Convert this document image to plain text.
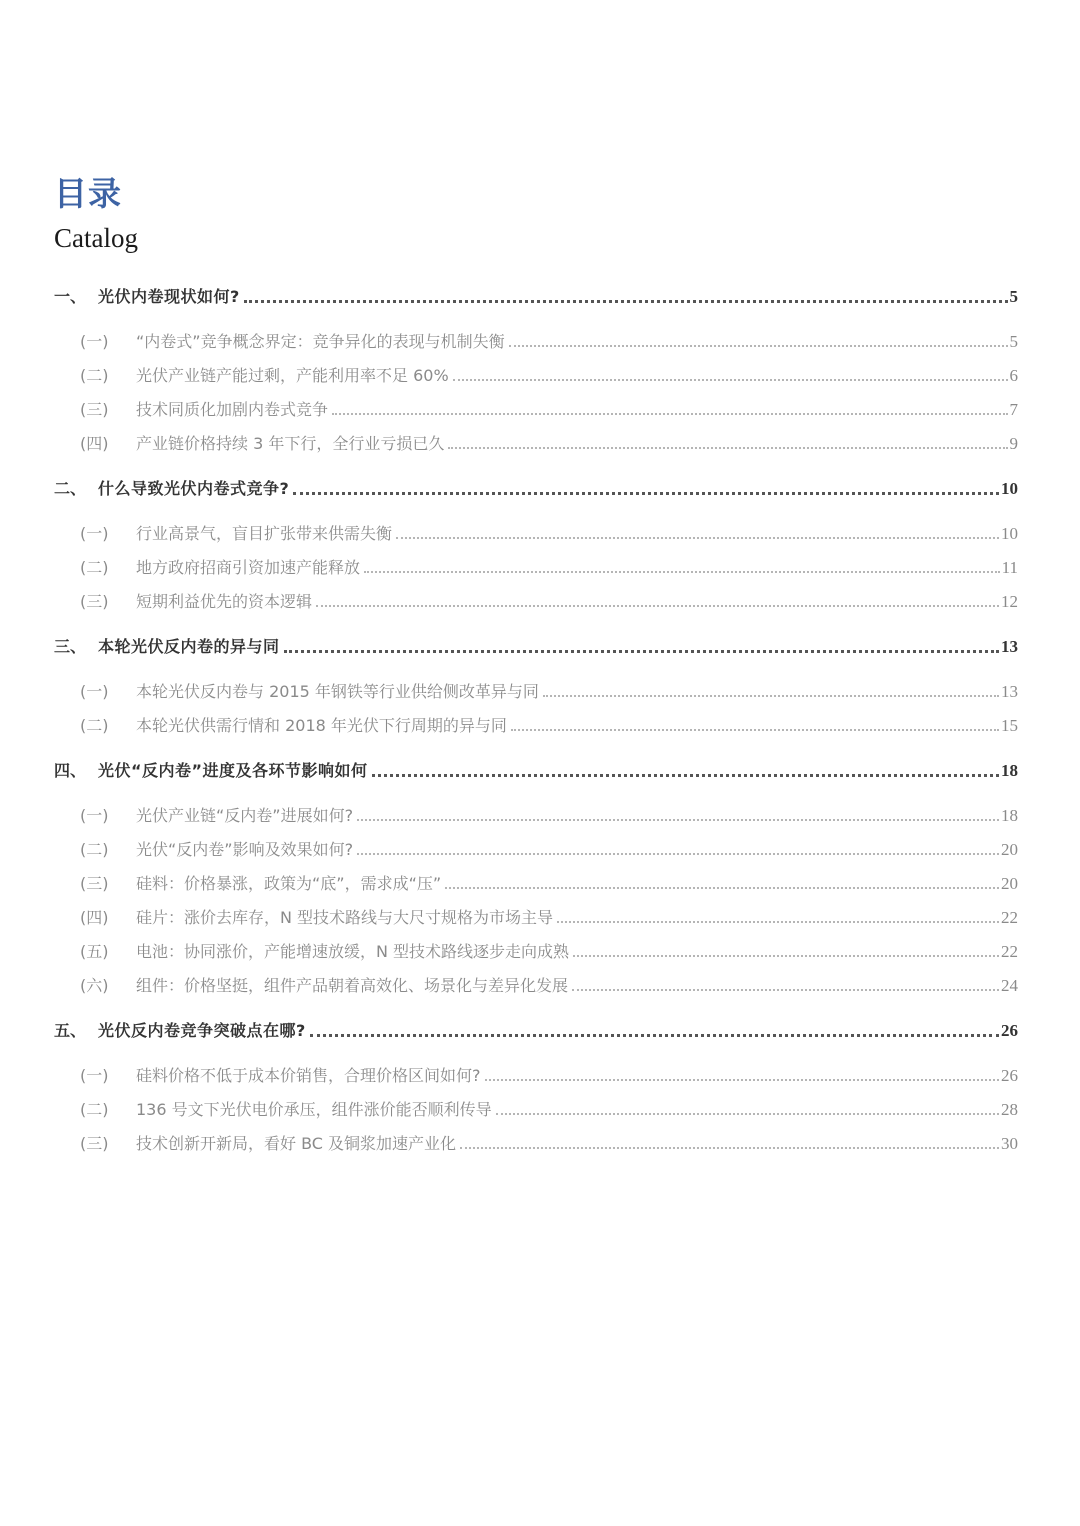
目录
Catalog
一、 光伏内卷现状如何?	5
(一)	“内卷式”竞争概念界定：竞争异化的表现与机制失衡	5
(二)	光伏产业链产能过剩，产能利用率不足 60%	6
(三)	技术同质化加剧内卷式竞争	7
(四)	产业链价格持续 3 年下行，全行业亏损已久	9
二、 什么导致光伏内卷式竞争?	10
(一)	行业高景气，盲目扩张带来供需失衡	10
(二)	地方政府招商引资加速产能释放	11
(三)	短期利益优先的资本逻辑	12
三、 本轮光伏反内卷的异与同	13
(一)	本轮光伏反内卷与 2015 年钢铁等行业供给侧改革异与同	13
(二)	本轮光伏供需行情和 2018 年光伏下行周期的异与同	15
四、 光伏“反内卷”进度及各环节影响如何	18
(一)	光伏产业链“反内卷”进展如何?	18
(二)	光伏“反内卷”影响及效果如何?	20
(三)	硅料：价格暴涨，政策为“底”，需求成“压”	20
(四)	硅片：涨价去库存，N 型技术路线与大尺寸规格为市场主导	22
(五)	电池：协同涨价，产能增速放缓，N 型技术路线逐步走向成熟	22
(六)	组件：价格坚挺，组件产品朝着高效化、场景化与差异化发展	24
五、 光伏反内卷竞争突破点在哪?	26
(一)	硅料价格不低于成本价销售，合理价格区间如何?	26
(二)	136 号文下光伏电价承压，组件涨价能否顺利传导	28
(三)	技术创新开新局，看好 BC 及铜浆加速产业化	30
